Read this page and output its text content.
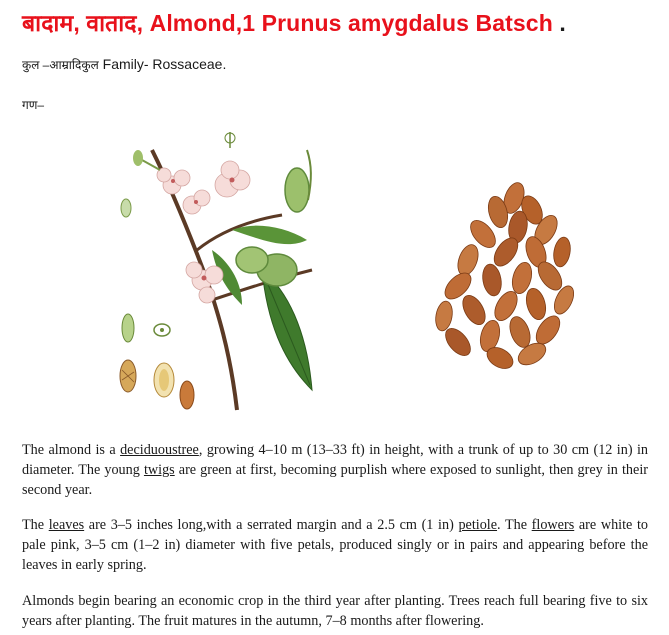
बादाम, वाताद, Almond,1 Prunus amygdalus Batsch .
कुल –आम्रादिकुल Family- Rossaceae.
गण–

The almond is a deciduoustree, growing 4–10 m (13–33 ft) in height, with a trunk of up to 30 cm (12 in) in diameter. The young twigs are green at first, becoming purplish where exposed to sunlight, then grey in their second year.

The leaves are 3–5 inches long,with a serrated margin and a 2.5 cm (1 in) petiole. The flowers are white to pale pink, 3–5 cm (1–2 in) diameter with five petals, produced singly or in pairs and appearing before the leaves in early spring.

Almonds begin bearing an economic crop in the third year after planting. Trees reach full bearing five to six years after planting. The fruit matures in the autumn, 7–8 months after flowering.
